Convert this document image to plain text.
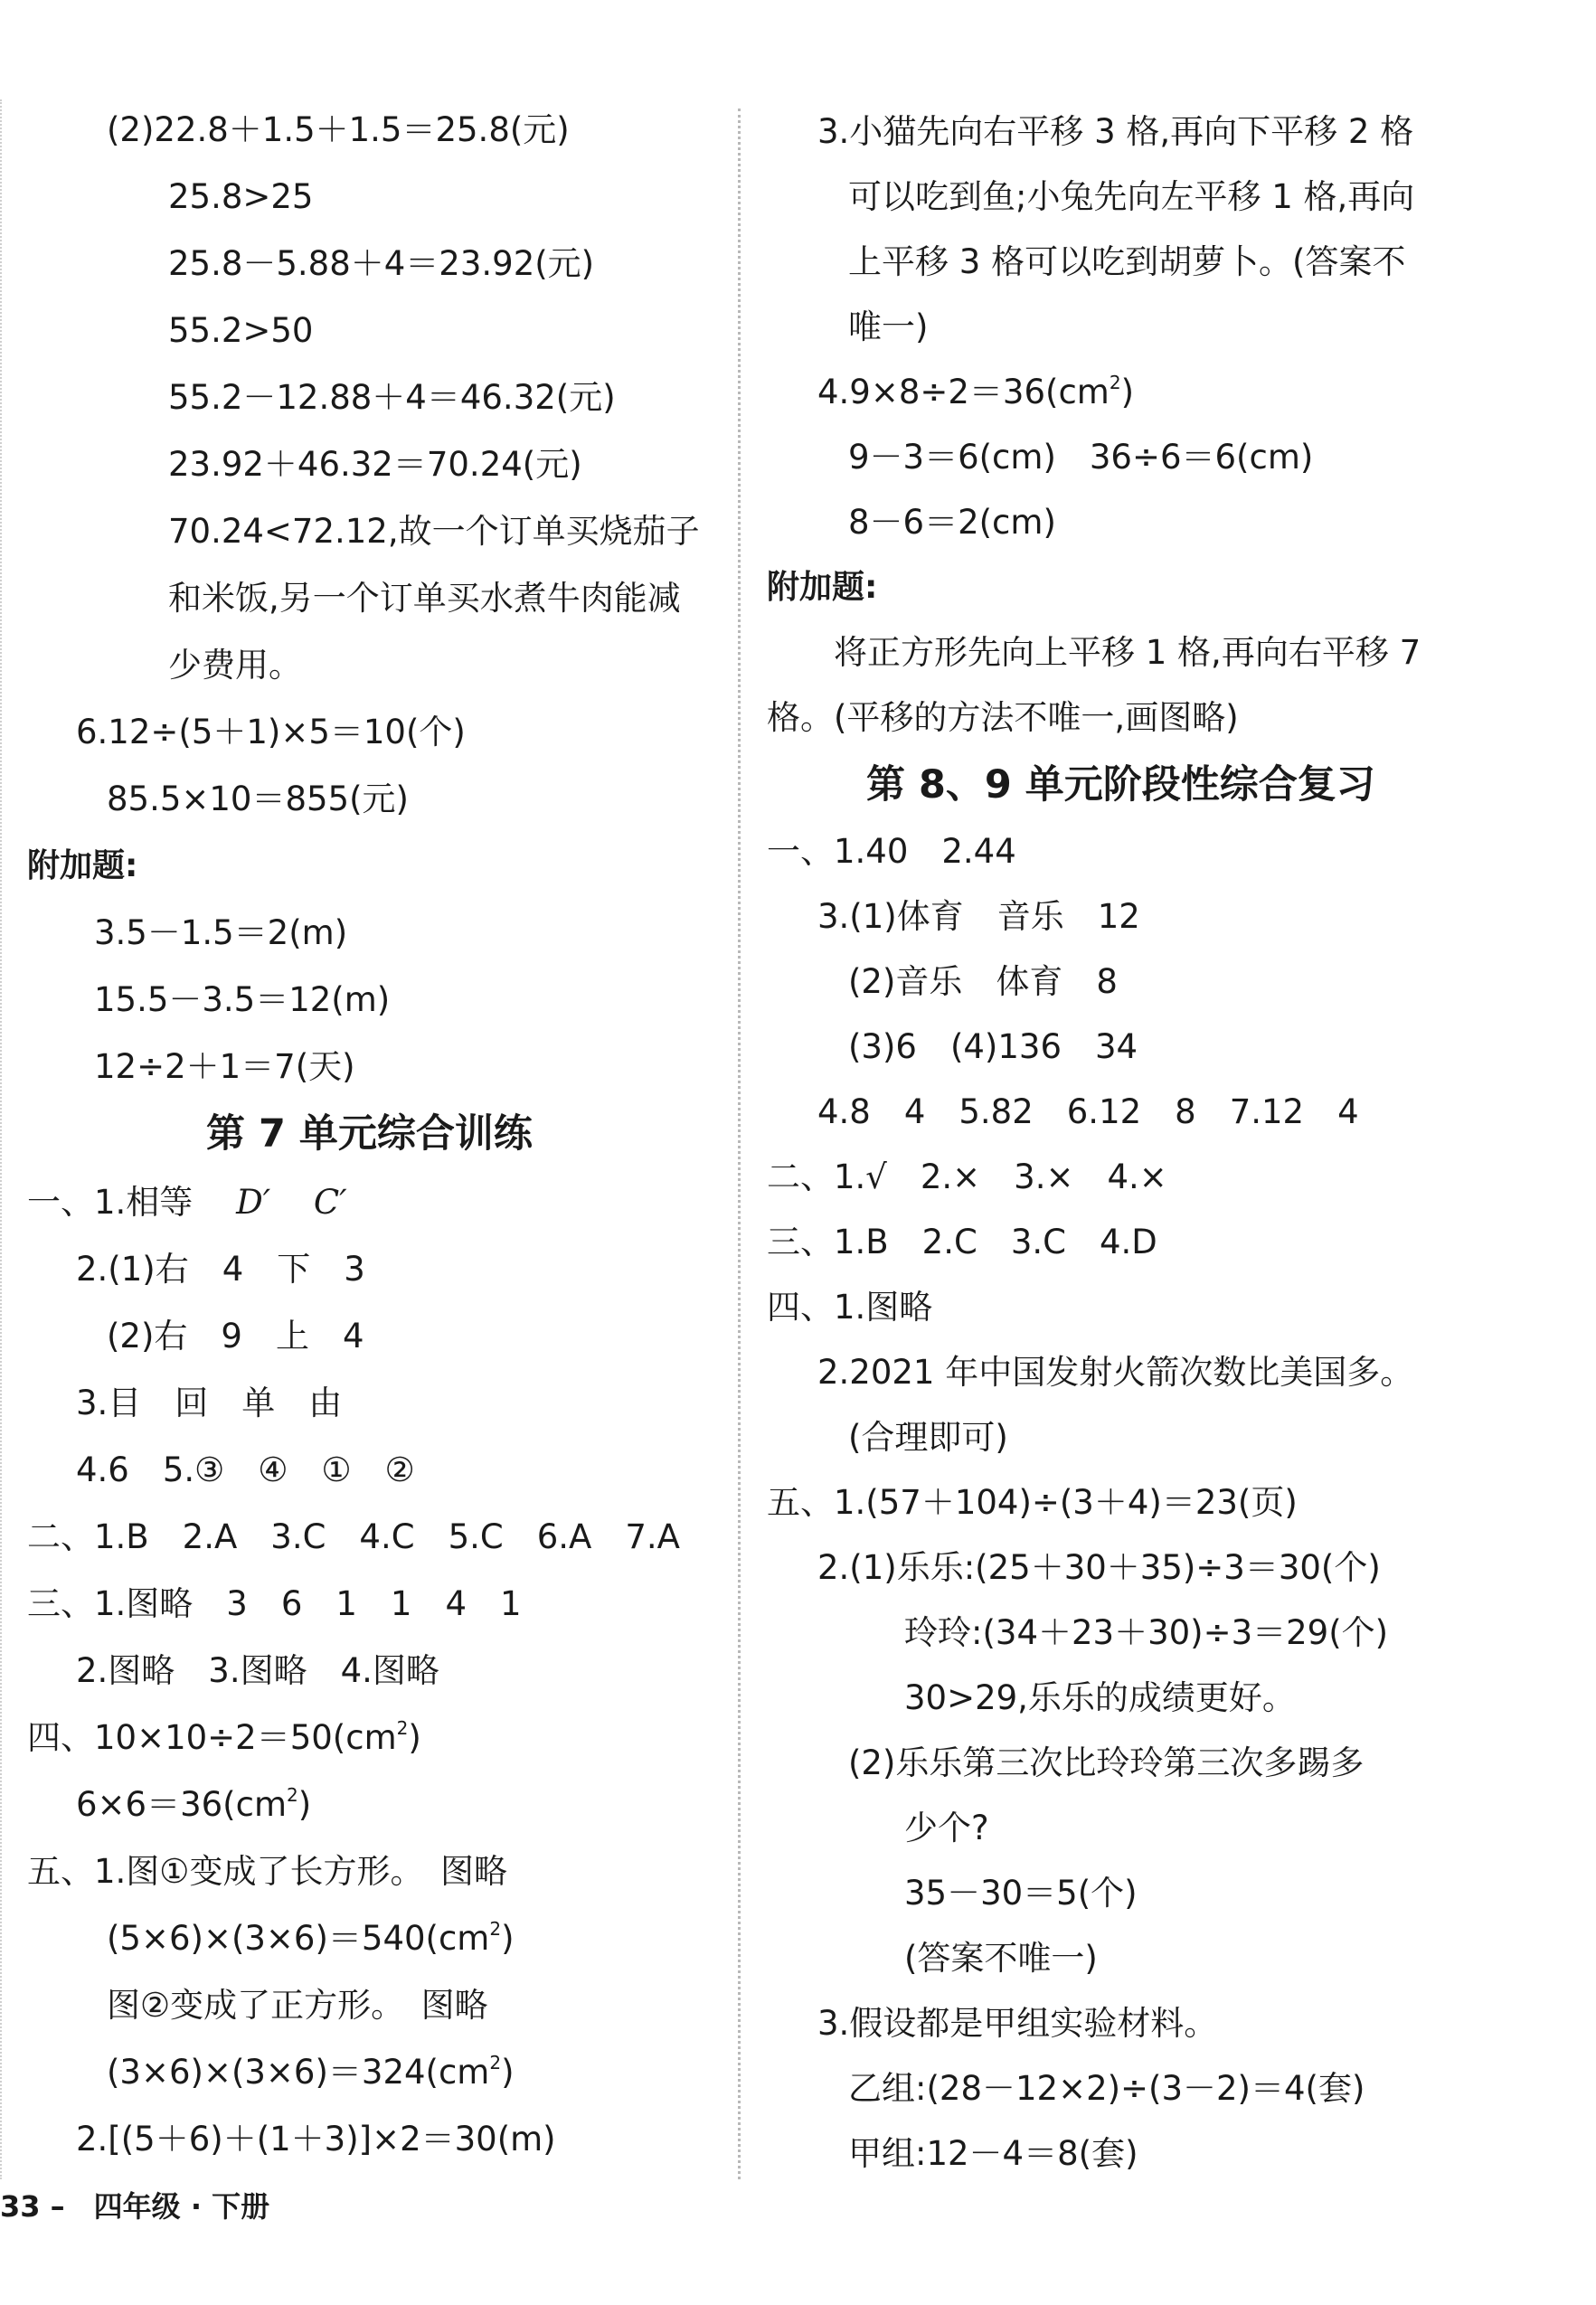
(2)22.8＋1.5＋1.5＝25.8(元)
25.8>25
25.8－5.88＋4＝23.92(元)
55.2>50
55.2－12.88＋4＝46.32(元)
23.92＋46.32＝70.24(元)
70.24<72.12,故一个订单买烧茄子
和米饭,另一个订单买水煮牛肉能减
少费用。
6.12÷(5＋1)×5＝10(个)
85.5×10＝855(元)
附加题:
3.5－1.5＝2(m)
15.5－3.5＝12(m)
12÷2＋1＝7(天)
第 7 单元综合训练
一、1.相等 D′ C′
2.(1)右　4　下　3
(2)右　9　上　4
3.目　回　单　由
4.6　5.③　④　①　②
二、1.B　2.A　3.C　4.C　5.C　6.A　7.A
三、1.图略　3　6　1　1　4　1
2.图略　3.图略　4.图略
四、$10\times 10\div 2=50(cm^2)$
$6\times 6=36(cm^2)$
五、1.图①变成了长方形。　图略
$(5\times 6)\times(3\times 6)=540(cm^2)$
图②变成了正方形。　图略
$(3\times 6)\times(3\times 6)=324(cm^2)$
2.[(5＋6)＋(1＋3)]×2＝30(m)
3.小猫先向右平移 3 格,再向下平移 2 格
可以吃到鱼;小兔先向左平移 1 格,再向
上平移 3 格可以吃到胡萝卜。(答案不
唯一)
$4.9\times 8\div 2=36(cm^2)$
9－3＝6(cm)　36÷6＝6(cm)
8－6＝2(cm)
附加题:
将正方形先向上平移 1 格,再向右平移 7
格。(平移的方法不唯一,画图略)
第 8、9 单元阶段性综合复习
一、1.40　2.44
3.(1)体育　音乐　12
(2)音乐　体育　8
(3)6　(4)136　34
4.8　4　5.82　6.12　8　7.12　4
二、1.√　2.×　3.×　4.×
三、1.B　2.C　3.C　4.D
四、1.图略
2.2021 年中国发射火箭次数比美国多。
(合理即可)
五、1.(57＋104)÷(3＋4)＝23(页)
2.(1)乐乐:(25＋30＋35)÷3＝30(个)
玲玲:(34＋23＋30)÷3＝29(个)
30>29,乐乐的成绩更好。
(2)乐乐第三次比玲玲第三次多踢多
少个?
35－30＝5(个)
(答案不唯一)
3.假设都是甲组实验材料。
乙组:(28－12×2)÷(3－2)＝4(套)
甲组:12－4＝8(套)
33 –　四年级 · 下册
